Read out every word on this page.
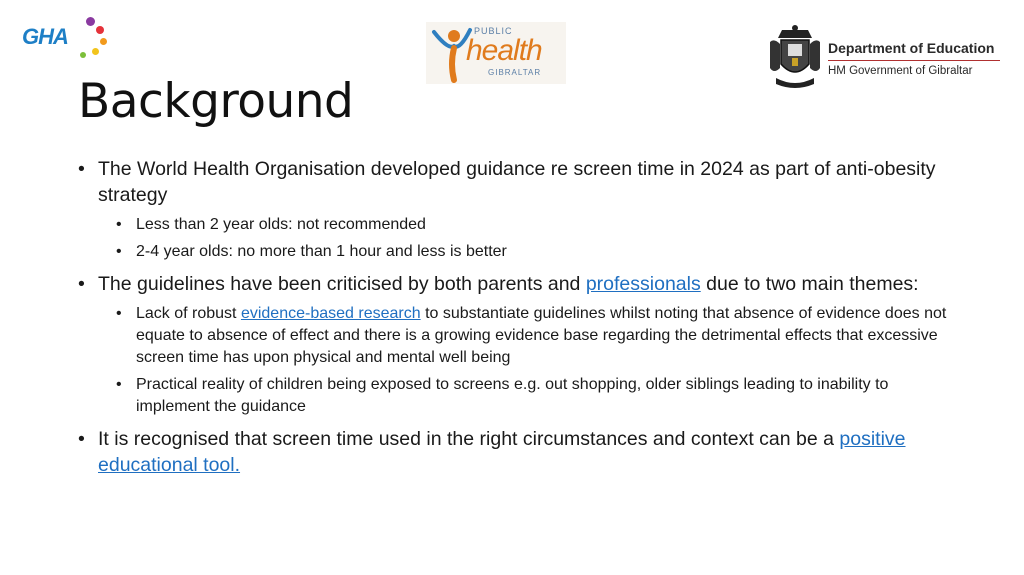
GHA	PUBLIC
health
GIBRALTAR
Department of Education
HM Government of Gibraltar
Background
• The World Health Organisation developed guidance re screen time in 2024 as part of anti-obesity strategy
• Less than 2 year olds: not recommended
• 2-4 year olds: no more than 1 hour and less is better
• The guidelines have been criticised by both parents and professionals due to two main themes:
• Lack of robust evidence-based research to substantiate guidelines whilst noting that absence of evidence does not equate to absence of effect and there is a growing evidence base regarding the detrimental effects that excessive screen time has upon physical and mental well being
• Practical reality of children being exposed to screens e.g. out shopping, older siblings leading to inability to implement the guidance
• It is recognised that screen time used in the right circumstances and context can be a positive educational tool.
